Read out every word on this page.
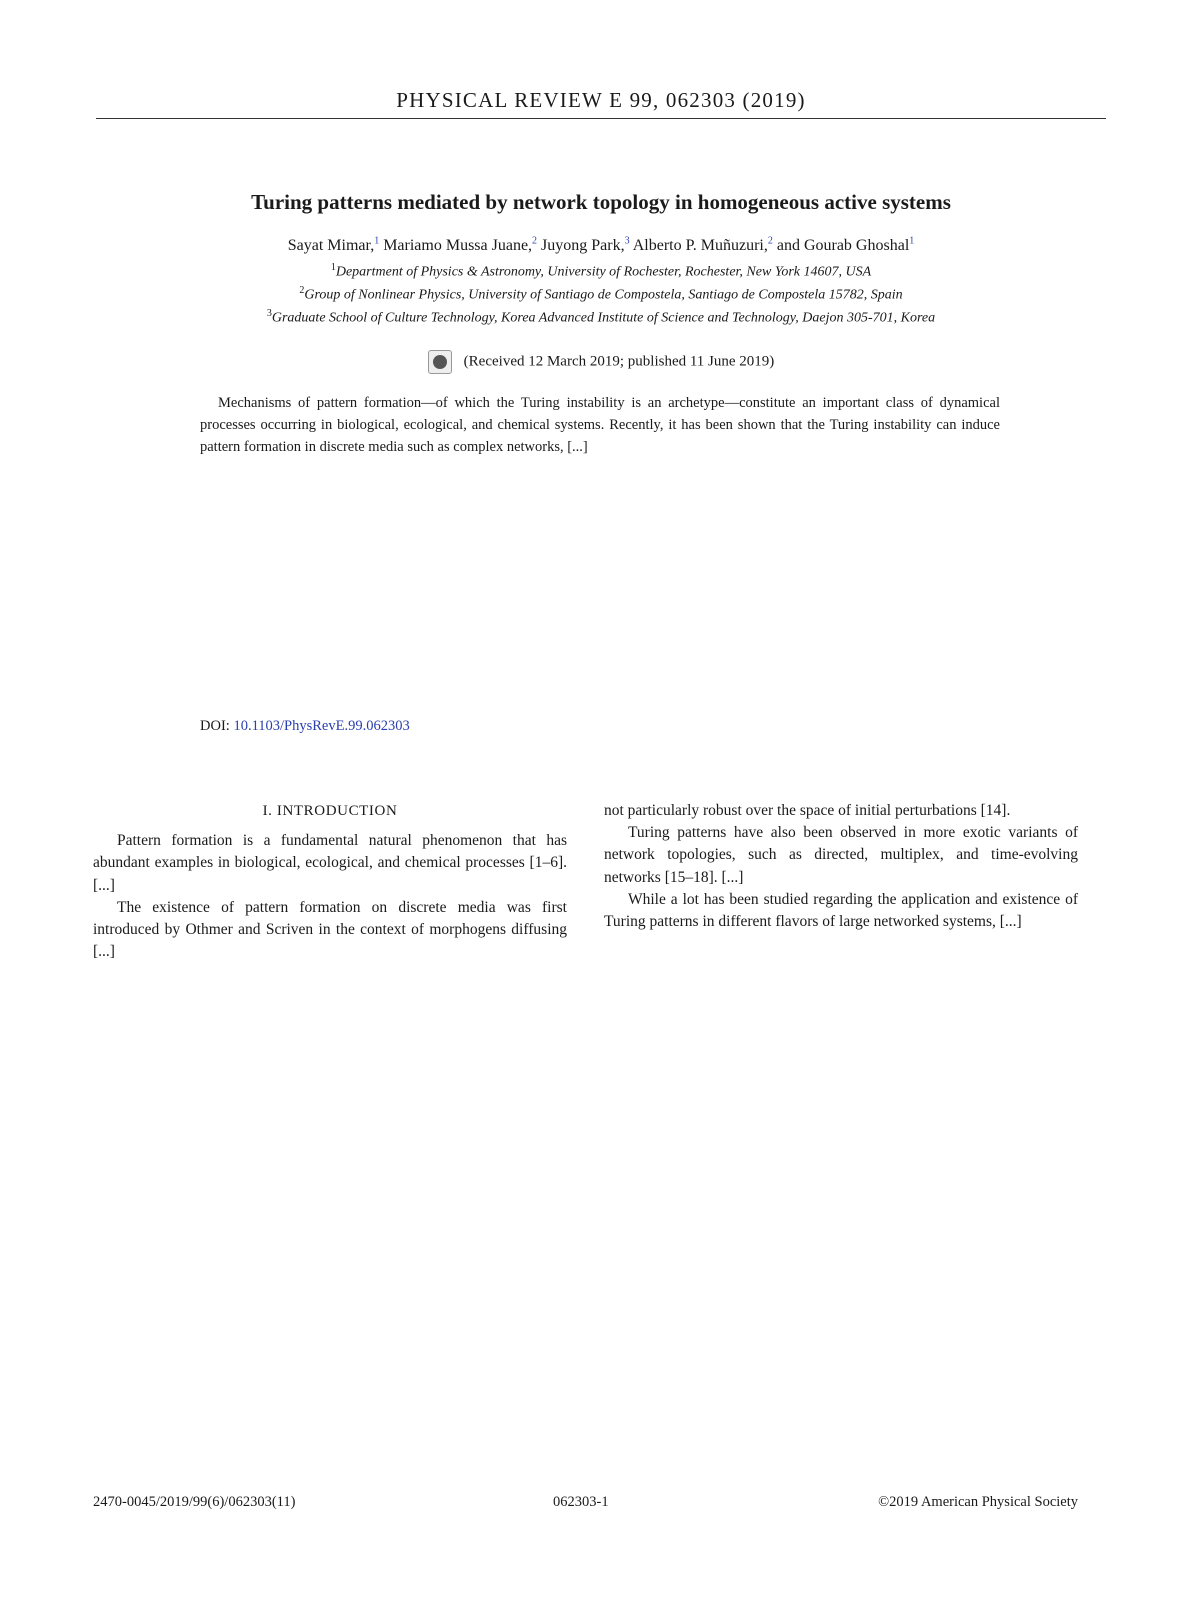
PHYSICAL REVIEW E 99, 062303 (2019)
Turing patterns mediated by network topology in homogeneous active systems
Sayat Mimar,$^1$ Mariamo Mussa Juane,$^2$ Juyong Park,$^3$ Alberto P. Muñuzuri,$^2$ and Gourab Ghoshal$^1$
$^1$Department of Physics & Astronomy, University of Rochester, Rochester, New York 14607, USA
$^2$Group of Nonlinear Physics, University of Santiago de Compostela, Santiago de Compostela 15782, Spain
$^3$Graduate School of Culture Technology, Korea Advanced Institute of Science and Technology, Daejon 305-701, Korea
(Received 12 March 2019; published 11 June 2019)

Mechanisms of pattern formation—of which the Turing instability is an archetype—constitute an important class of dynamical processes occurring in biological, ecological, and chemical systems. Recently, it has been shown that the Turing instability can induce pattern formation in discrete media such as complex networks, [...]

DOI: 10.1103/PhysRevE.99.062303
I. INTRODUCTION

Pattern formation is a fundamental natural phenomenon that has abundant examples in biological, ecological, and chemical processes [1–6]. [...]

The existence of pattern formation on discrete media was first introduced by Othmer and Scriven in the context of morphogens diffusing [...]

not particularly robust over the space of initial perturbations [14].

Turing patterns have also been observed in more exotic variants of network topologies, such as directed, multiplex, and time-evolving networks [15–18]. [...]

While a lot has been studied regarding the application and existence of Turing patterns in different flavors of large networked systems, [...]

2470-0045/2019/99(6)/062303(11)	062303-1	©2019 American Physical Society
